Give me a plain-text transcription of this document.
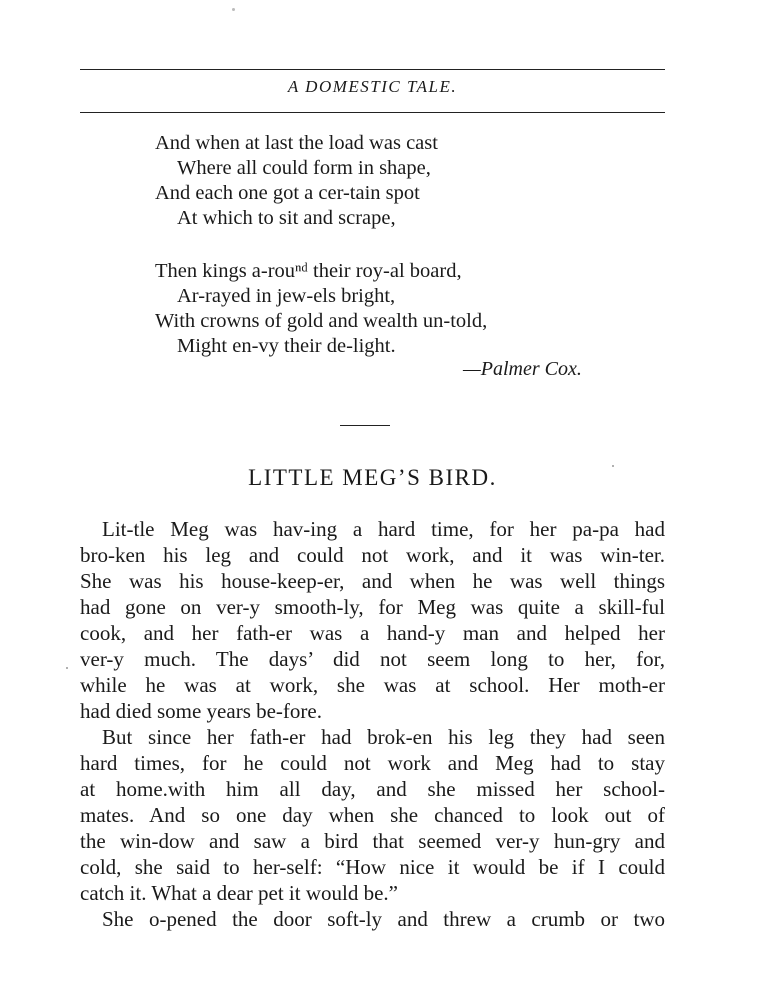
A DOMESTIC TALE.
And when at last the load was cast
Where all could form in shape,
And each one got a cer-tain spot
At which to sit and scrape,
Then kings a-rouⁿᵈ their roy-al board,
Ar-rayed in jew-els bright,
With crowns of gold and wealth un-told,
Might en-vy their de-light.
—Palmer Cox.
LITTLE MEG’S BIRD.
Lit-tle Meg was hav-ing a hard time, for her pa-pa had
bro-ken his leg and could not work, and it was win-ter.
She was his house-keep-er, and when he was well things
had gone on ver-y smooth-ly, for Meg was quite a skill-ful
cook, and her fath-er was a hand-y man and helped her
ver-y much. The days’ did not seem long to her, for,
while he was at work, she was at school. Her moth-er
had died some years be-fore.
But since her fath-er had brok-en his leg they had seen
hard times, for he could not work and Meg had to stay
at home.with him all day, and she missed her school-
mates. And so one day when she chanced to look out of
the win-dow and saw a bird that seemed ver-y hun-gry and
cold, she said to her-self: “How nice it would be if I could
catch it. What a dear pet it would be.”
She o-pened the door soft-ly and threw a crumb or two
